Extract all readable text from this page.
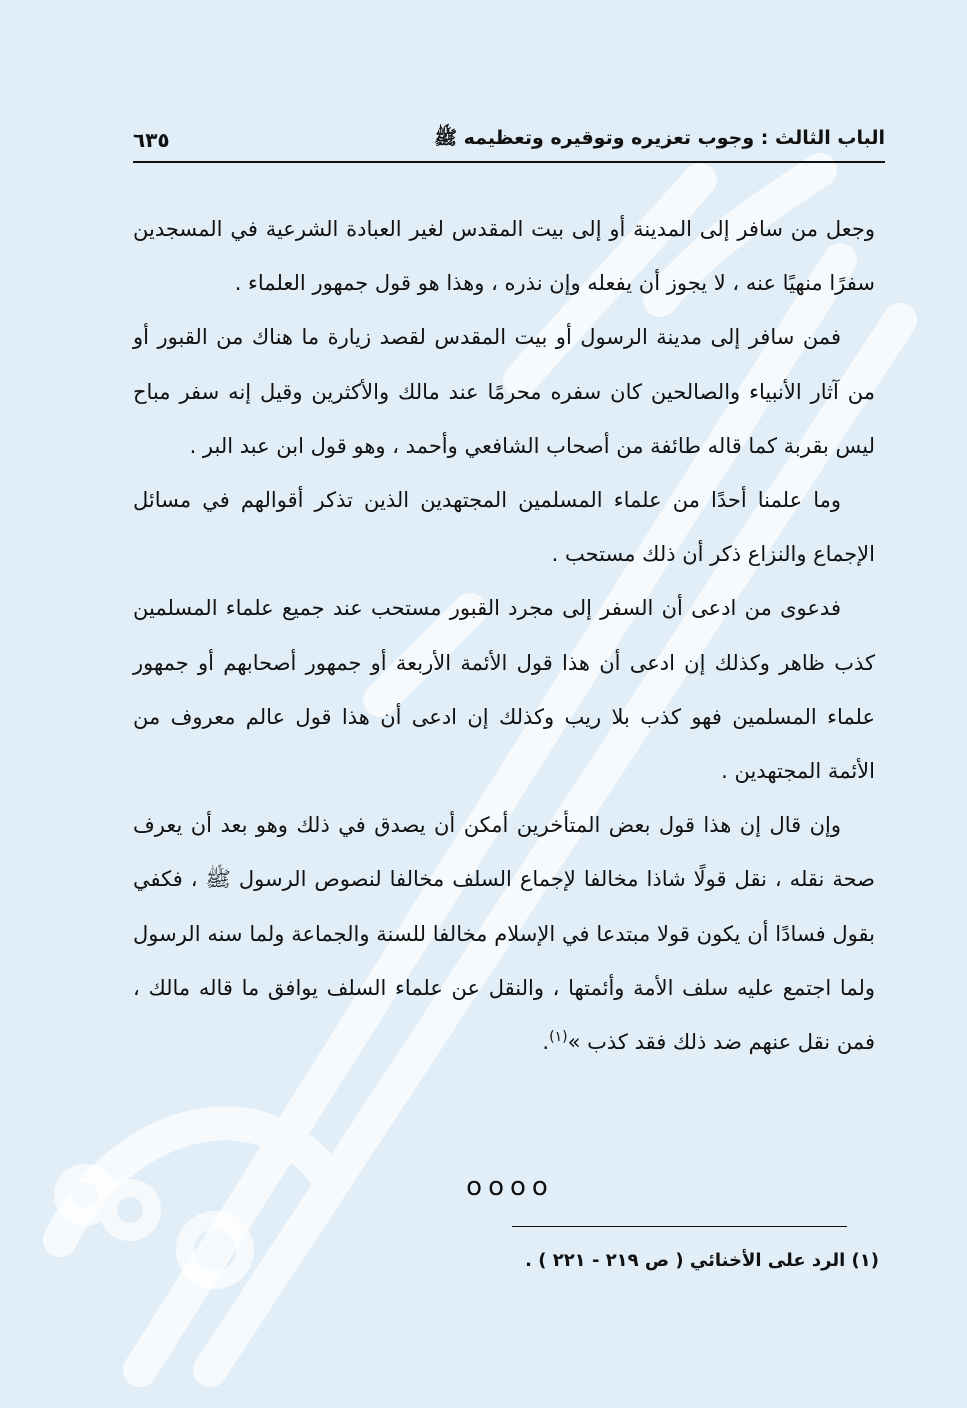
الباب الثالث : وجوب تعزيره وتوقيره وتعظيمه ﷺ
٦٣٥

وجعل من سافر إلى المدينة أو إلى بيت المقدس لغير العبادة الشرعية في المسجدين سفرًا منهيًا عنه ، لا يجوز أن يفعله وإن نذره ، وهذا هو قول جمهور العلماء .

فمن سافر إلى مدينة الرسول أو بيت المقدس لقصد زيارة ما هناك من القبور أو من آثار الأنبياء والصالحين كان سفره محرمًا عند مالك والأكثرين وقيل إنه سفر مباح ليس بقربة كما قاله طائفة من أصحاب الشافعي وأحمد ، وهو قول ابن عبد البر .

وما علمنا أحدًا من علماء المسلمين المجتهدين الذين تذكر أقوالهم في مسائل الإجماع والنزاع ذكر أن ذلك مستحب .

فدعوى من ادعى أن السفر إلى مجرد القبور مستحب عند جميع علماء المسلمين كذب ظاهر وكذلك إن ادعى أن هذا قول الأئمة الأربعة أو جمهور أصحابهم أو جمهور علماء المسلمين فهو كذب بلا ريب وكذلك إن ادعى أن هذا قول عالم معروف من الأئمة المجتهدين .

وإن قال إن هذا قول بعض المتأخرين أمكن أن يصدق في ذلك وهو بعد أن يعرف صحة نقله ، نقل قولًا شاذا مخالفا لإجماع السلف مخالفا لنصوص الرسول ﷺ ، فكفي بقول فسادًا أن يكون قولا مبتدعا في الإسلام مخالفا للسنة والجماعة ولما سنه الرسول ولما اجتمع عليه سلف الأمة وأئمتها ، والنقل عن علماء السلف يوافق ما قاله مالك ، فمن نقل عنهم ضد ذلك فقد كذب »$^{(١)}$.

oooo
(١) الرد على الأخنائي ( ص ٢١٩ - ٢٢١ ) .
